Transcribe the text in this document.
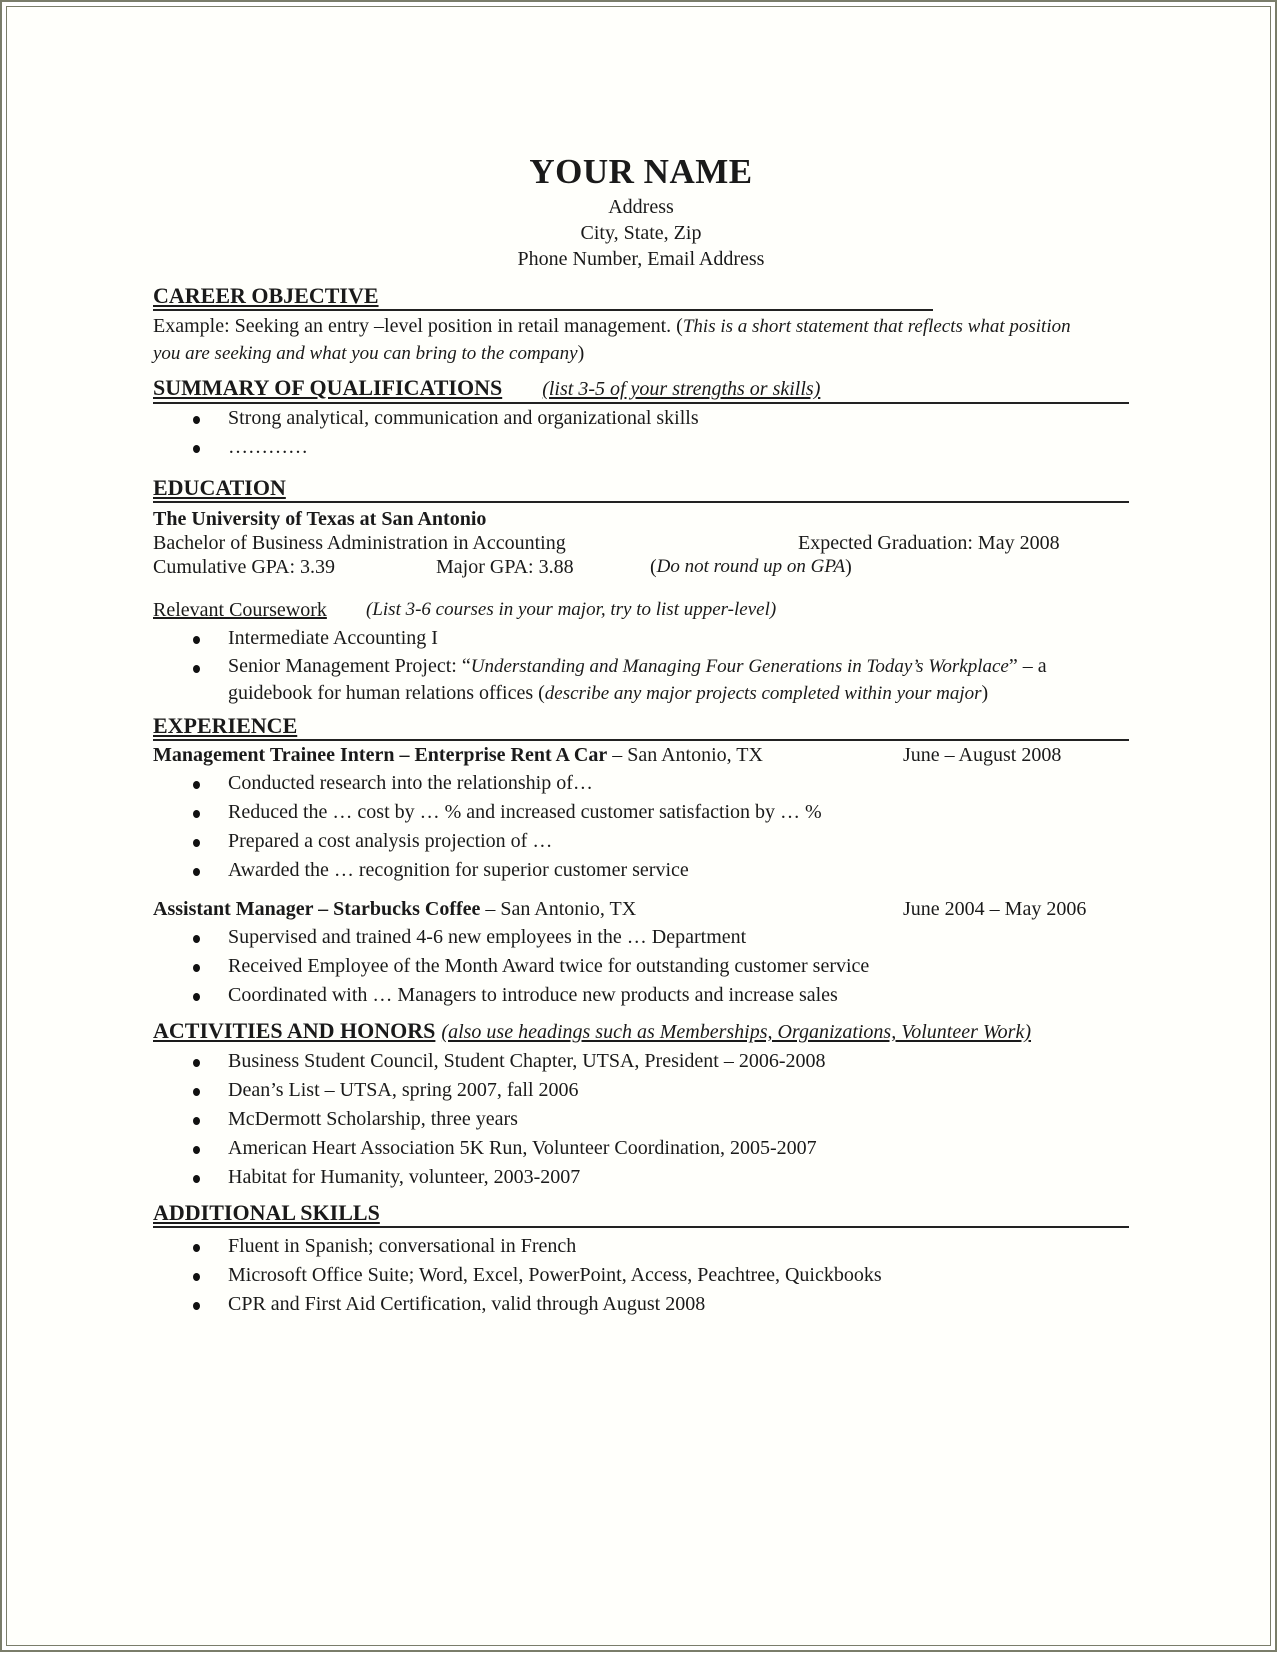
YOUR NAME
Address
City, State, Zip
Phone Number, Email Address
CAREER OBJECTIVE
Example: Seeking an entry –level position in retail management. (This is a short statement that reflects what position
you are seeking and what you can bring to the company)
SUMMARY OF QUALIFICATIONS (list 3-5 of your strengths or skills)
Strong analytical, communication and organizational skills
…………
EDUCATION
The University of Texas at San Antonio
Bachelor of Business Administration in Accounting	Expected Graduation: May 2008
Cumulative GPA: 3.39	Major GPA: 3.88	( Do not round up on GPA )
Relevant Coursework	(List 3-6 courses in your major, try to list upper-level)
Intermediate Accounting I
Senior Management Project: “Understanding and Managing Four Generations in Today’s Workplace” – a
guidebook for human relations offices (describe any major projects completed within your major)
EXPERIENCE
Management Trainee Intern – Enterprise Rent A Car – San Antonio, TX	June – August 2008
Conducted research into the relationship of…
Reduced the … cost by … % and increased customer satisfaction by … %
Prepared a cost analysis projection of …
Awarded the … recognition for superior customer service
Assistant Manager – Starbucks Coffee – San Antonio, TX	June 2004 – May 2006
Supervised and trained 4-6 new employees in the … Department
Received Employee of the Month Award twice for outstanding customer service
Coordinated with … Managers to introduce new products and increase sales
ACTIVITIES AND HONORS (also use headings such as Memberships, Organizations, Volunteer Work)
Business Student Council, Student Chapter, UTSA, President – 2006-2008
Dean’s List – UTSA, spring 2007, fall 2006
McDermott Scholarship, three years
American Heart Association 5K Run, Volunteer Coordination, 2005-2007
Habitat for Humanity, volunteer, 2003-2007
ADDITIONAL SKILLS
Fluent in Spanish; conversational in French
Microsoft Office Suite; Word, Excel, PowerPoint, Access, Peachtree, Quickbooks
CPR and First Aid Certification, valid through August 2008
